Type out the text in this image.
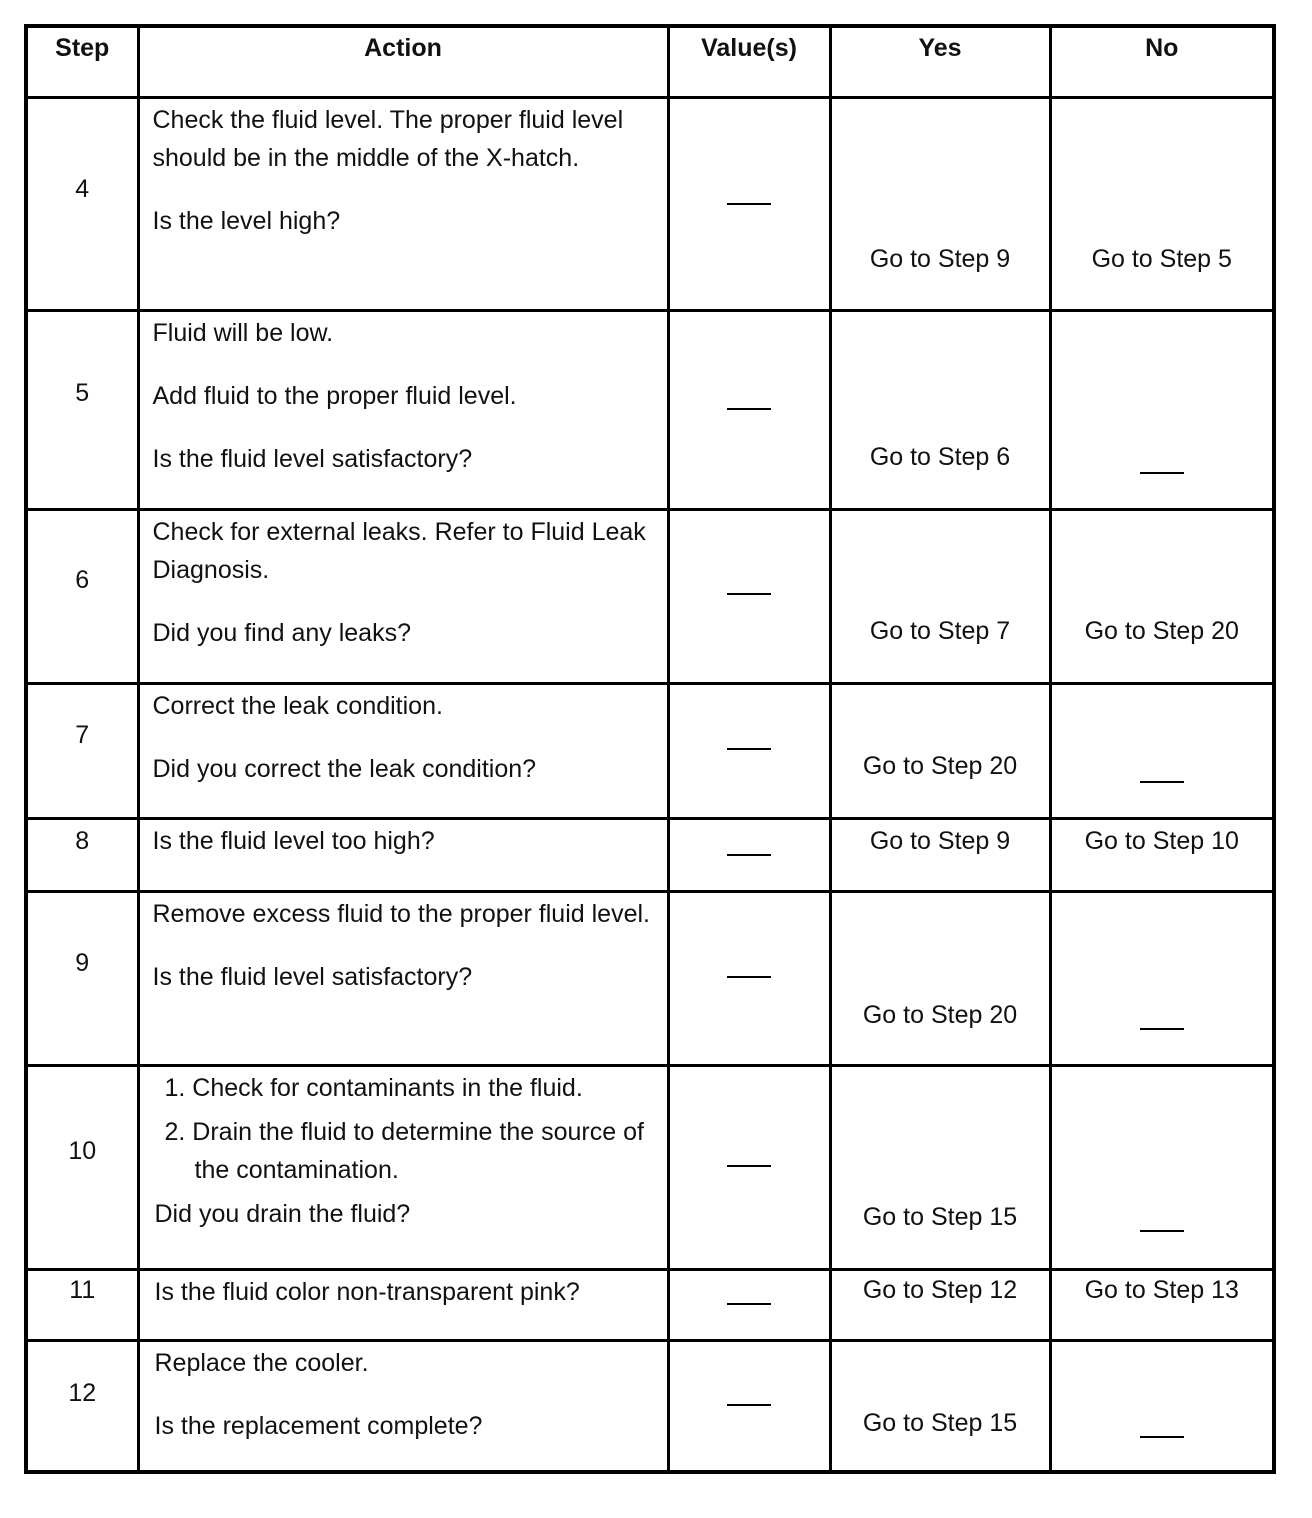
Step	Action	Value(s)	Yes	No

4	Check the fluid level. The proper fluid level should be in the middle of the X-hatch.
Is the level high?		Go to Step 9	Go to Step 5

5	Fluid will be low.
Add fluid to the proper fluid level.
Is the fluid level satisfactory?		Go to Step 6	

6	Check for external leaks. Refer to Fluid Leak Diagnosis.
Did you find any leaks?		Go to Step 7	Go to Step 20

7	Correct the leak condition.
Did you correct the leak condition?		Go to Step 20	

8	Is the fluid level too high?		Go to Step 9	Go to Step 10

9	Remove excess fluid to the proper fluid level.
Is the fluid level satisfactory?		Go to Step 20	

10	1. Check for contaminants in the fluid.
2. Drain the fluid to determine the source of the contamination.
Did you drain the fluid?		Go to Step 15	

11	Is the fluid color non-transparent pink?		Go to Step 12	Go to Step 13

12	Replace the cooler.
Is the replacement complete?		Go to Step 15	
